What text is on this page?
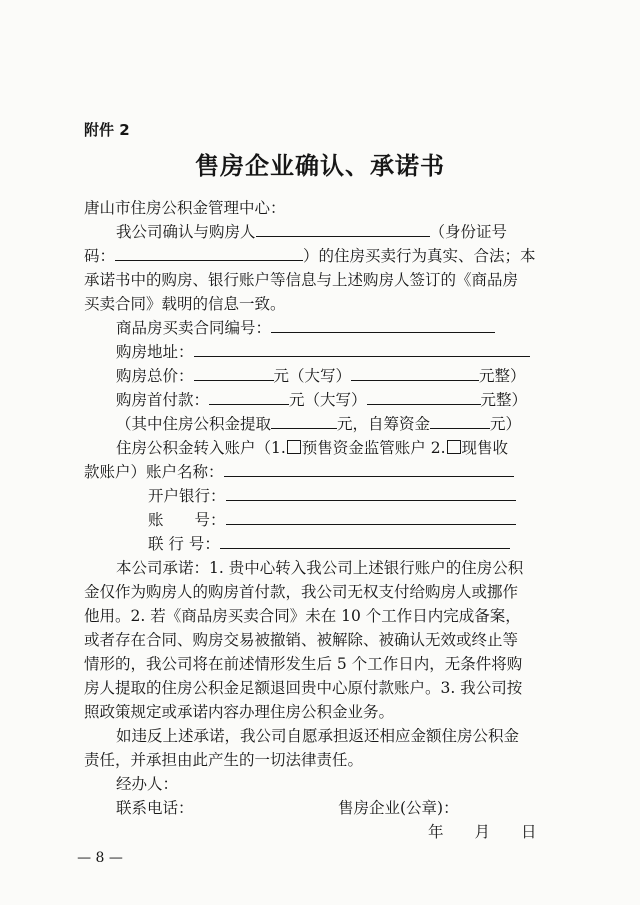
附件 2
售房企业确认、承诺书
唐山市住房公积金管理中心：
我公司确认与购房人	（身份证号
码：	）的住房买卖行为真实、合法；本
承诺书中的购房、银行账户等信息与上述购房人签订的《商品房
买卖合同》载明的信息一致。
商品房买卖合同编号：
购房地址：
购房总价：	元（大写）	元整）
购房首付款：	元（大写）	元整）
（其中住房公积金提取	元，自筹资金	元）
住房公积金转入账户（1. 预售资金监管账户 2. 现售收
款账户）账户名称：
开户银行：
账　　号：
联 行 号：
本公司承诺：1. 贵中心转入我公司上述银行账户的住房公积
金仅作为购房人的购房首付款，我公司无权支付给购房人或挪作
他用。2. 若《商品房买卖合同》未在 10 个工作日内完成备案，
或者存在合同、购房交易被撤销、被解除、被确认无效或终止等
情形的，我公司将在前述情形发生后 5 个工作日内，无条件将购
房人提取的住房公积金足额退回贵中心原付款账户。3. 我公司按
照政策规定或承诺内容办理住房公积金业务。
如违反上述承诺，我公司自愿承担返还相应金额住房公积金
责任，并承担由此产生的一切法律责任。
经办人：
联系电话：	售房企业(公章)：
年　　月　　日
— 8 —
